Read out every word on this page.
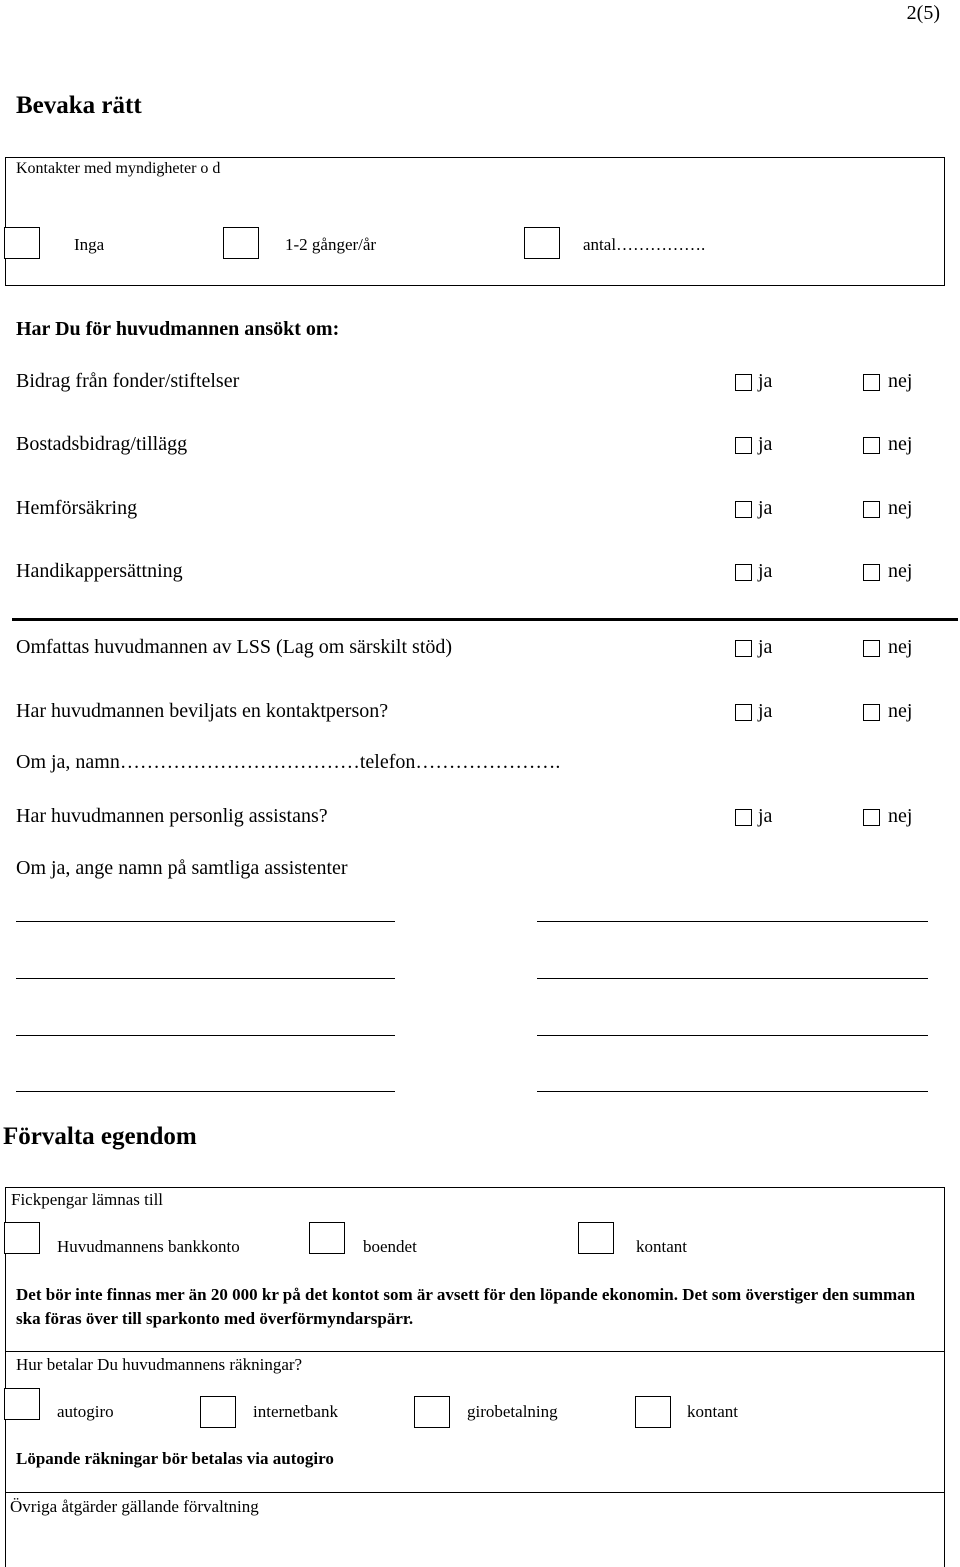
2(5)
Bevaka rätt
Kontakter med myndigheter o d
Inga	1-2 gånger/år	antal…………….
Har Du för huvudmannen ansökt om:
Bidrag från fonder/stiftelser	ja	nej
Bostadsbidrag/tillägg	ja	nej
Hemförsäkring	ja	nej
Handikappersättning	ja	nej
Omfattas huvudmannen av LSS (Lag om särskilt stöd)	ja	nej
Har huvudmannen beviljats en kontaktperson?	ja	nej
Om ja, namn………………………………telefon………………….
Har huvudmannen personlig assistans?	ja	nej
Om ja, ange namn på samtliga assistenter
Förvalta egendom
Fickpengar lämnas till
Huvudmannens bankkonto	boendet	kontant
Det bör inte finnas mer än 20 000 kr på det kontot som är avsett för den löpande ekonomin. Det som överstiger den summan ska föras över till sparkonto med överförmyndarspärr.
Hur betalar Du huvudmannens räkningar?
autogiro	internetbank	girobetalning	kontant
Löpande räkningar bör betalas via autogiro
Övriga åtgärder gällande förvaltning
